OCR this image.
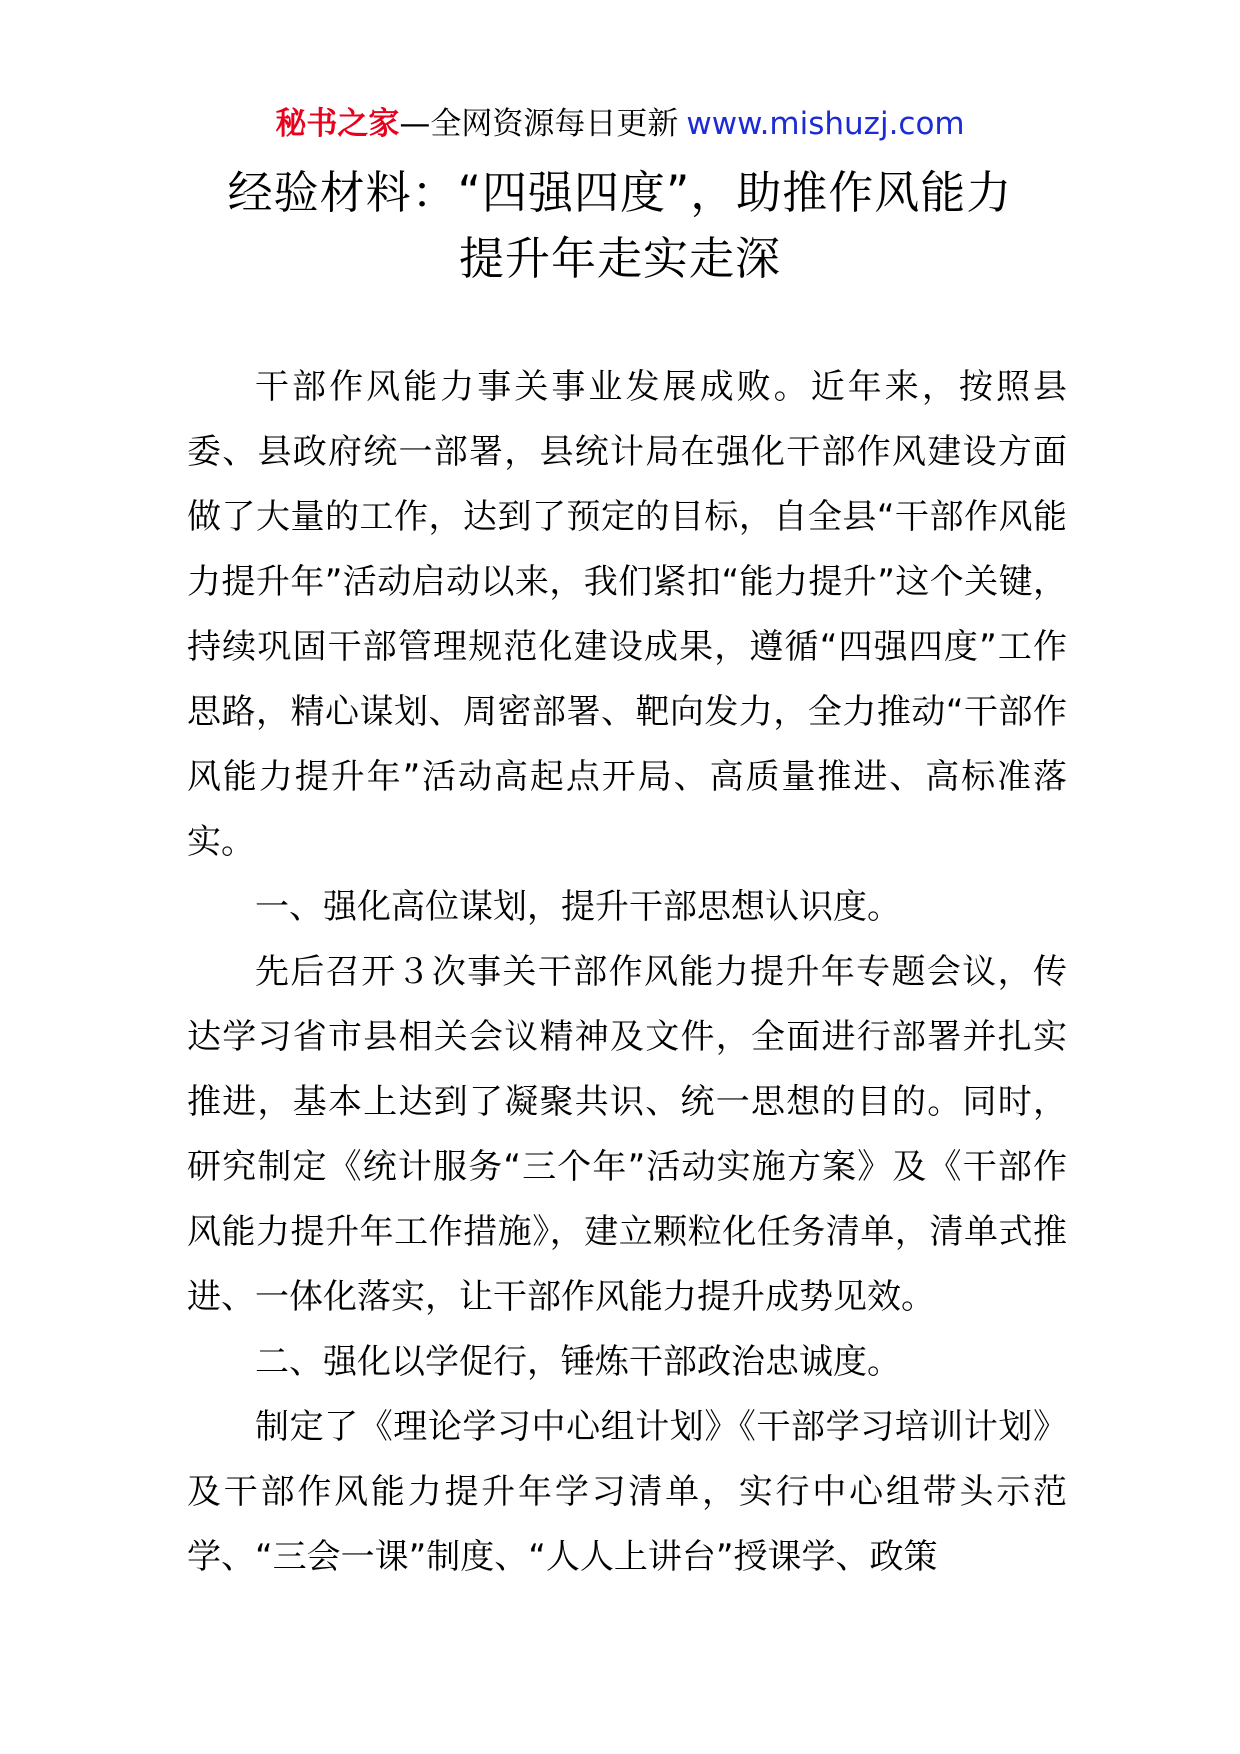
秘书之家—全网资源每日更新 www.mishuzj.com
经验材料：“四强四度”，助推作风能力
提升年走实走深

干部作风能力事关事业发展成败。近年来，按照县委、县政府统一部署，县统计局在强化干部作风建设方面做了大量的工作，达到了预定的目标，自全县“干部作风能力提升年”活动启动以来，我们紧扣“能力提升”这个关键，持续巩固干部管理规范化建设成果，遵循“四强四度”工作思路，精心谋划、周密部署、靶向发力，全力推动“干部作风能力提升年”活动高起点开局、高质量推进、高标准落实。

一、强化高位谋划，提升干部思想认识度。

先后召开３次事关干部作风能力提升年专题会议，传达学习省市县相关会议精神及文件，全面进行部署并扎实推进，基本上达到了凝聚共识、统一思想的目的。同时，研究制定《统计服务“三个年”活动实施方案》及《干部作风能力提升年工作措施》，建立颗粒化任务清单，清单式推进、一体化落实，让干部作风能力提升成势见效。

二、强化以学促行，锤炼干部政治忠诚度。

制定了《理论学习中心组计划》《干部学习培训计划》及干部作风能力提升年学习清单，实行中心组带头示范学、“三会一课”制度、“人人上讲台”授课学、政策
